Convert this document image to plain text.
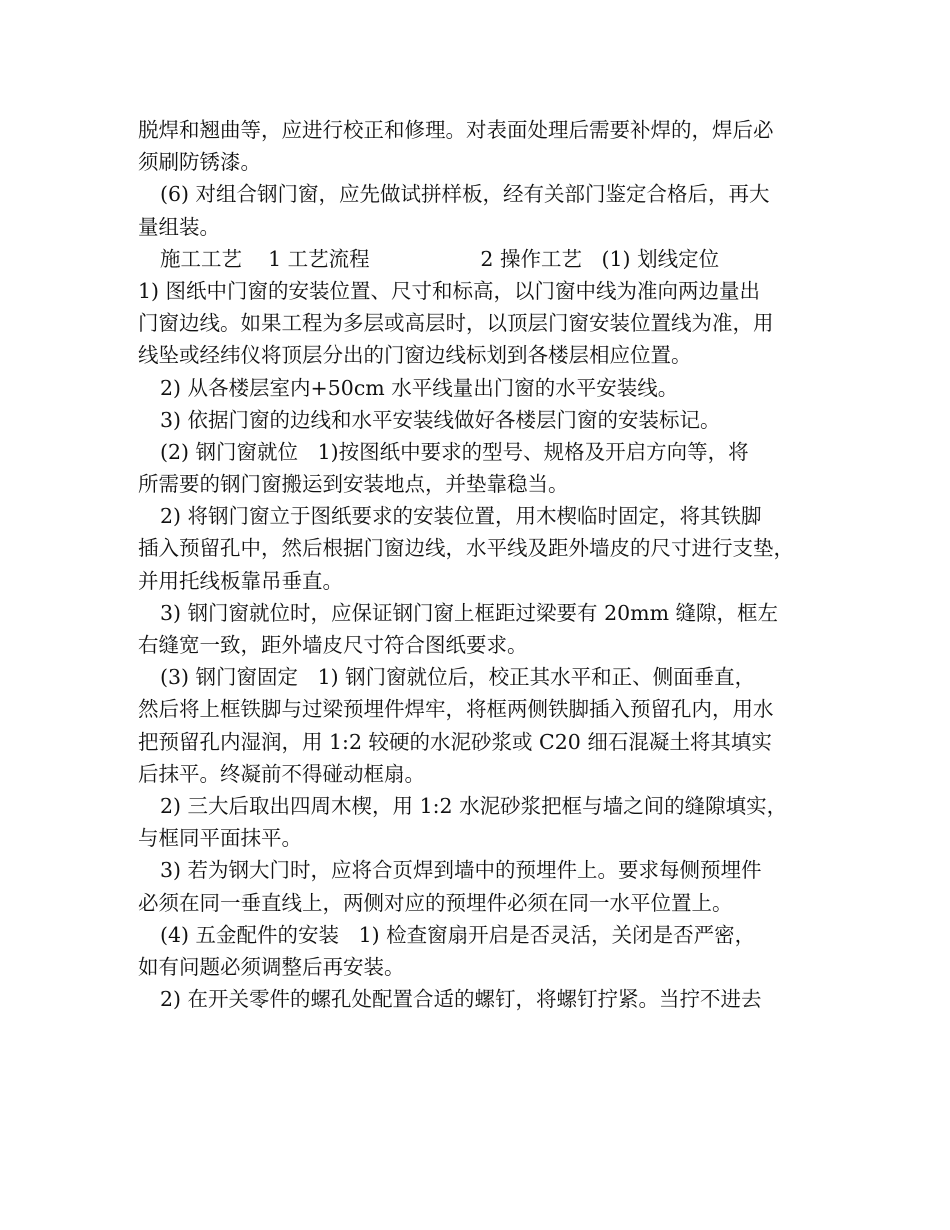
脱焊和翘曲等，应进行校正和修理。对表面处理后需要补焊的，焊后必
须刷防锈漆。
(6) 对组合钢门窗，应先做试拼样板，经有关部门鉴定合格后，再大
量组装。
施工工艺    1 工艺流程                 2 操作工艺   (1) 划线定位
1) 图纸中门窗的安装位置、尺寸和标高，以门窗中线为准向两边量出
门窗边线。如果工程为多层或高层时，以顶层门窗安装位置线为准，用
线坠或经纬仪将顶层分出的门窗边线标划到各楼层相应位置。
2) 从各楼层室内+50cm 水平线量出门窗的水平安装线。
3) 依据门窗的边线和水平安装线做好各楼层门窗的安装标记。
(2) 钢门窗就位   1)按图纸中要求的型号、规格及开启方向等，将
所需要的钢门窗搬运到安装地点，并垫靠稳当。
2) 将钢门窗立于图纸要求的安装位置，用木楔临时固定，将其铁脚
插入预留孔中，然后根据门窗边线，水平线及距外墙皮的尺寸进行支垫，
并用托线板靠吊垂直。
3) 钢门窗就位时，应保证钢门窗上框距过梁要有 20mm 缝隙，框左
右缝宽一致，距外墙皮尺寸符合图纸要求。
(3) 钢门窗固定   1) 钢门窗就位后，校正其水平和正、侧面垂直，
然后将上框铁脚与过梁预埋件焊牢，将框两侧铁脚插入预留孔内，用水
把预留孔内湿润，用 1:2 较硬的水泥砂浆或 C20 细石混凝土将其填实
后抹平。终凝前不得碰动框扇。
2) 三大后取出四周木楔，用 1:2 水泥砂浆把框与墙之间的缝隙填实，
与框同平面抹平。
3) 若为钢大门时，应将合页焊到墙中的预埋件上。要求每侧预埋件
必须在同一垂直线上，两侧对应的预埋件必须在同一水平位置上。
(4) 五金配件的安装   1) 检查窗扇开启是否灵活，关闭是否严密，
如有问题必须调整后再安装。
2) 在开关零件的螺孔处配置合适的螺钉，将螺钉拧紧。当拧不进去
